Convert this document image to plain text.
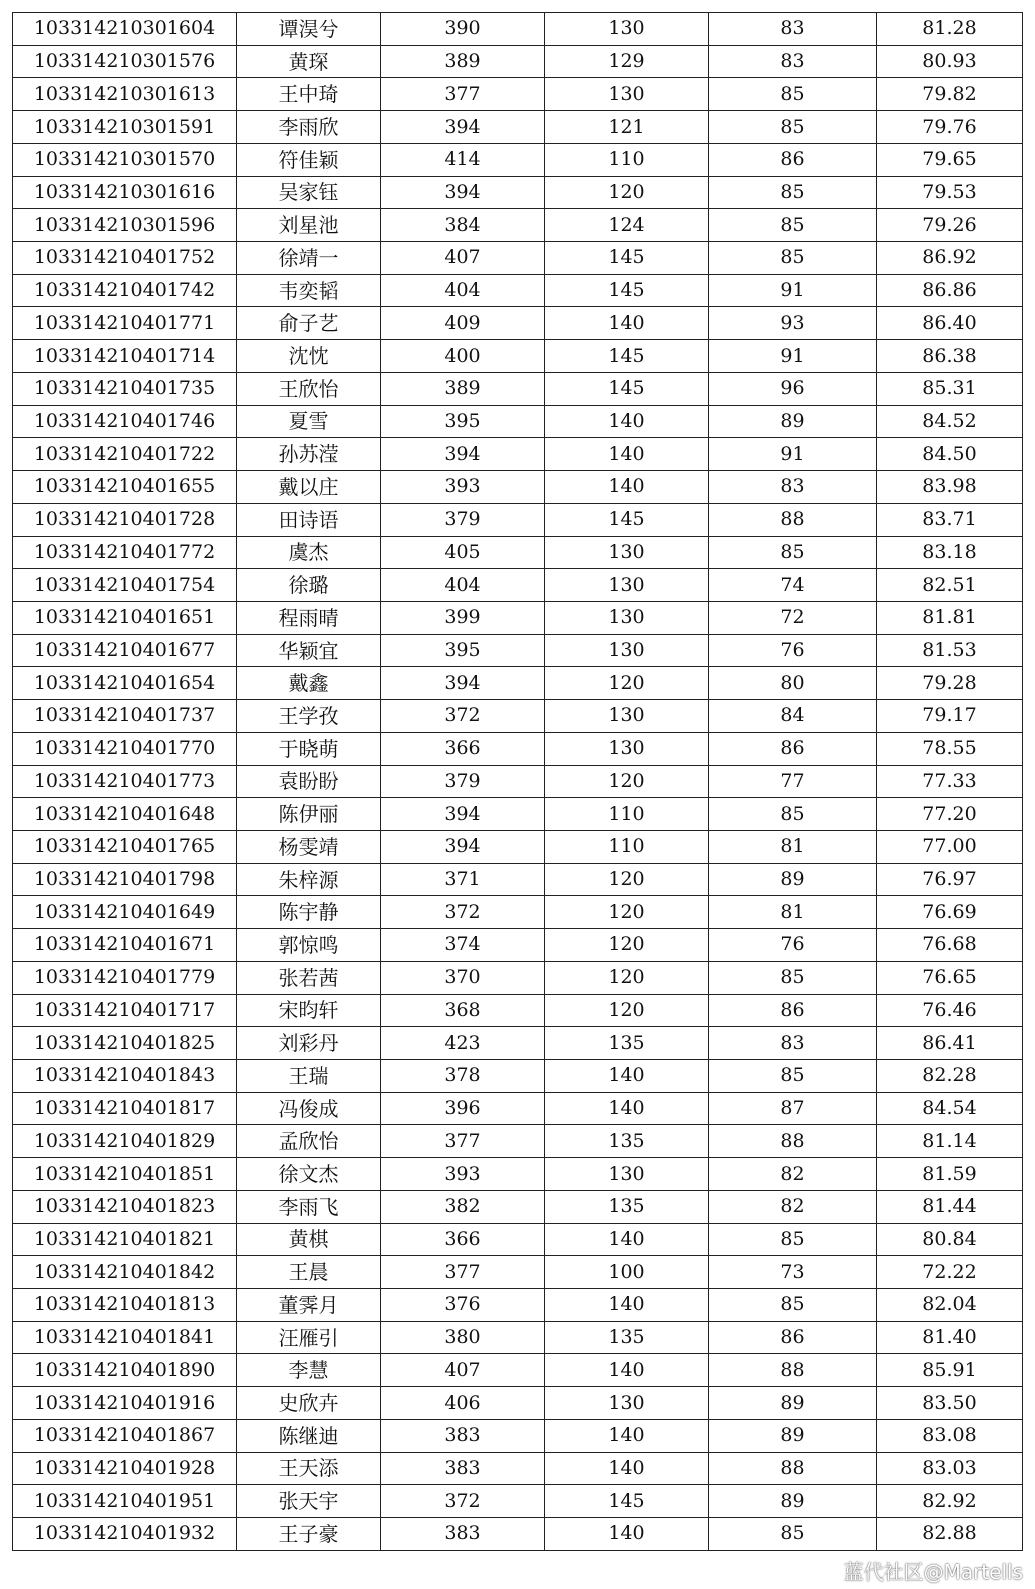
103314210301604	谭淏兮	390	130	83	81.28
103314210301576	黄琛	389	129	83	80.93
103314210301613	王中琦	377	130	85	79.82
103314210301591	李雨欣	394	121	85	79.76
103314210301570	符佳颖	414	110	86	79.65
103314210301616	吴家钰	394	120	85	79.53
103314210301596	刘星池	384	124	85	79.26
103314210401752	徐靖一	407	145	85	86.92
103314210401742	韦奕韬	404	145	91	86.86
103314210401771	俞子艺	409	140	93	86.40
103314210401714	沈忱	400	145	91	86.38
103314210401735	王欣怡	389	145	96	85.31
103314210401746	夏雪	395	140	89	84.52
103314210401722	孙苏滢	394	140	91	84.50
103314210401655	戴以庄	393	140	83	83.98
103314210401728	田诗语	379	145	88	83.71
103314210401772	虞杰	405	130	85	83.18
103314210401754	徐璐	404	130	74	82.51
103314210401651	程雨晴	399	130	72	81.81
103314210401677	华颖宜	395	130	76	81.53
103314210401654	戴鑫	394	120	80	79.28
103314210401737	王学孜	372	130	84	79.17
103314210401770	于晓萌	366	130	86	78.55
103314210401773	袁盼盼	379	120	77	77.33
103314210401648	陈伊丽	394	110	85	77.20
103314210401765	杨雯靖	394	110	81	77.00
103314210401798	朱梓源	371	120	89	76.97
103314210401649	陈宇静	372	120	81	76.69
103314210401671	郭惊鸣	374	120	76	76.68
103314210401779	张若茜	370	120	85	76.65
103314210401717	宋昀轩	368	120	86	76.46
103314210401825	刘彩丹	423	135	83	86.41
103314210401843	王瑞	378	140	85	82.28
103314210401817	冯俊成	396	140	87	84.54
103314210401829	孟欣怡	377	135	88	81.14
103314210401851	徐文杰	393	130	82	81.59
103314210401823	李雨飞	382	135	82	81.44
103314210401821	黄棋	366	140	85	80.84
103314210401842	王晨	377	100	73	72.22
103314210401813	董霁月	376	140	85	82.04
103314210401841	汪雁引	380	135	86	81.40
103314210401890	李慧	407	140	88	85.91
103314210401916	史欣卉	406	130	89	83.50
103314210401867	陈继迪	383	140	89	83.08
103314210401928	王天添	383	140	88	83.03
103314210401951	张天宇	372	145	89	82.92
103314210401932	王子豪	383	140	85	82.88
蓝代社区@Martells
